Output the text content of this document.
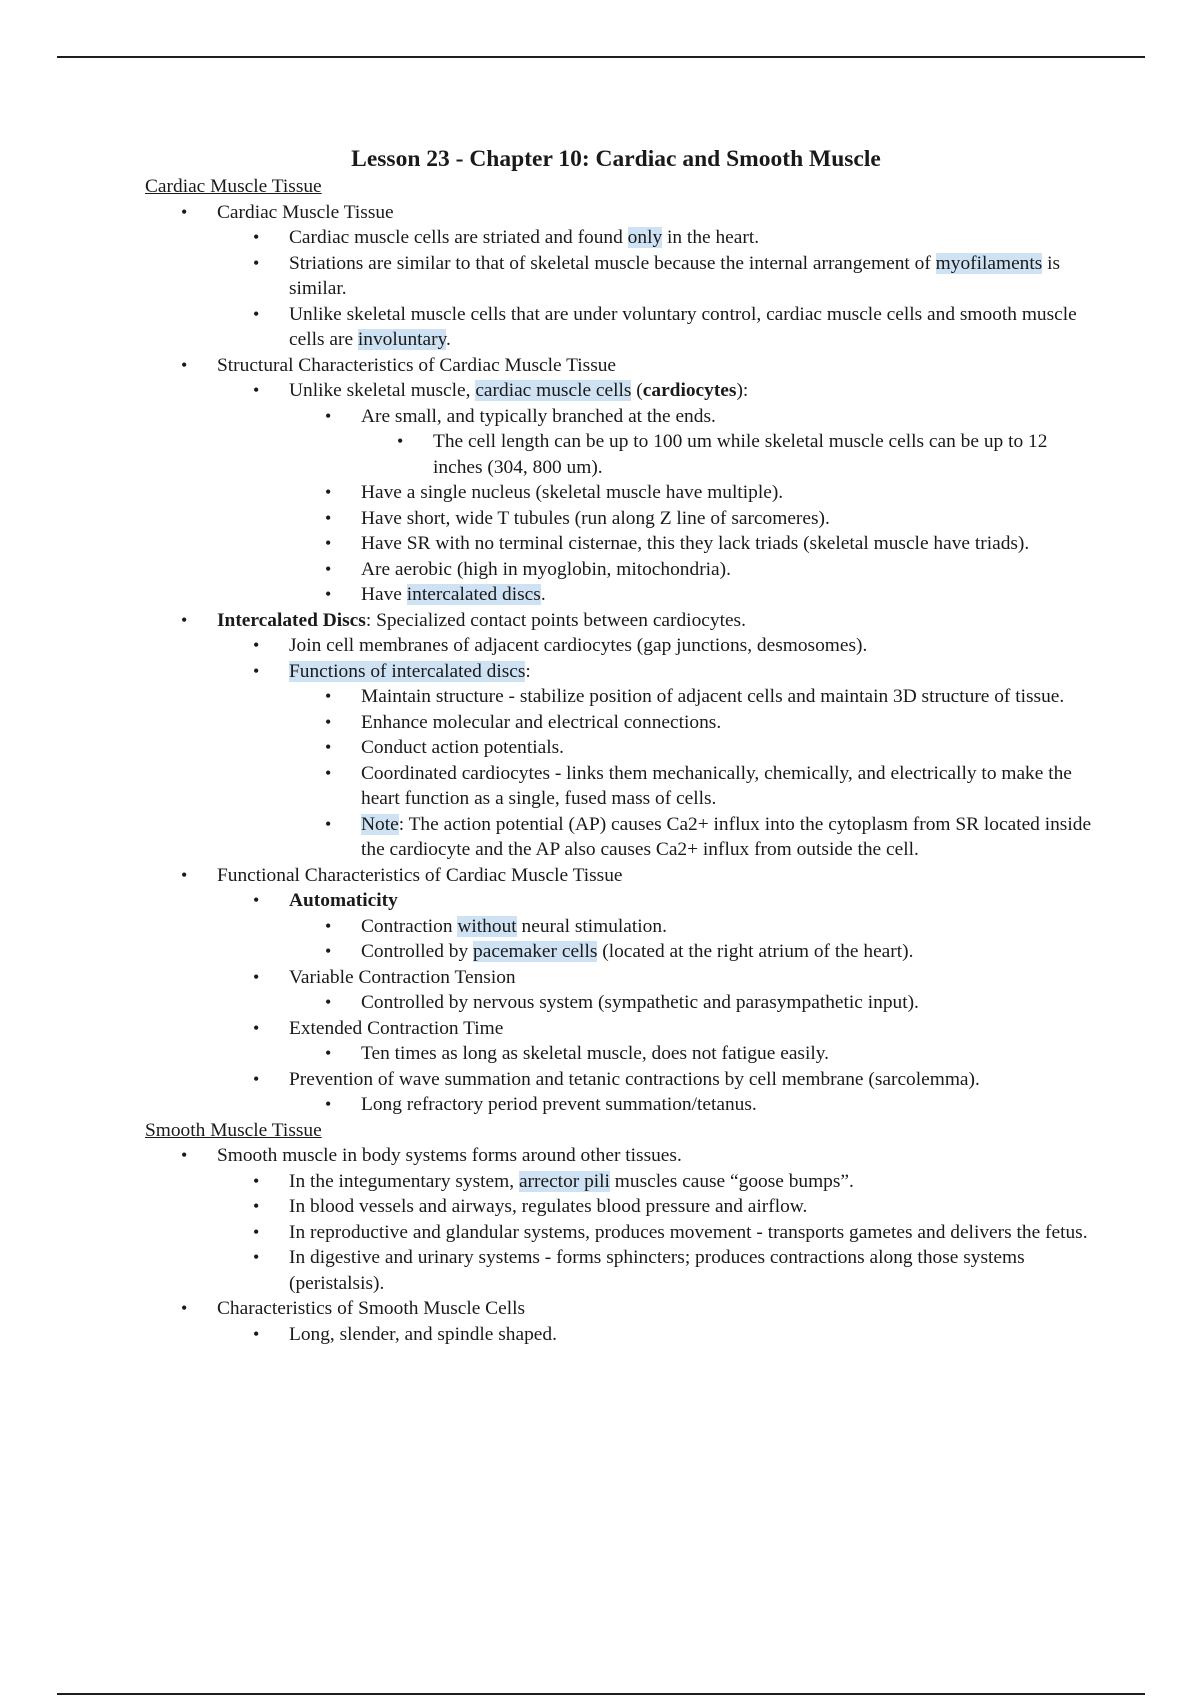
Lesson 23 - Chapter 10: Cardiac and Smooth Muscle
Cardiac Muscle Tissue
• Cardiac Muscle Tissue
• Cardiac muscle cells are striated and found only in the heart.
• Striations are similar to that of skeletal muscle because the internal arrangement of myofilaments is similar.
• Unlike skeletal muscle cells that are under voluntary control, cardiac muscle cells and smooth muscle cells are involuntary.
• Structural Characteristics of Cardiac Muscle Tissue
• Unlike skeletal muscle, cardiac muscle cells (cardiocytes):
• Are small, and typically branched at the ends.
• The cell length can be up to 100 um while skeletal muscle cells can be up to 12 inches (304, 800 um).
• Have a single nucleus (skeletal muscle have multiple).
• Have short, wide T tubules (run along Z line of sarcomeres).
• Have SR with no terminal cisternae, this they lack triads (skeletal muscle have triads).
• Are aerobic (high in myoglobin, mitochondria).
• Have intercalated discs.
• Intercalated Discs: Specialized contact points between cardiocytes.
• Join cell membranes of adjacent cardiocytes (gap junctions, desmosomes).
• Functions of intercalated discs:
• Maintain structure - stabilize position of adjacent cells and maintain 3D structure of tissue.
• Enhance molecular and electrical connections.
• Conduct action potentials.
• Coordinated cardiocytes - links them mechanically, chemically, and electrically to make the heart function as a single, fused mass of cells.
• Note: The action potential (AP) causes Ca2+ influx into the cytoplasm from SR located inside the cardiocyte and the AP also causes Ca2+ influx from outside the cell.
• Functional Characteristics of Cardiac Muscle Tissue
• Automaticity
• Contraction without neural stimulation.
• Controlled by pacemaker cells (located at the right atrium of the heart).
• Variable Contraction Tension
• Controlled by nervous system (sympathetic and parasympathetic input).
• Extended Contraction Time
• Ten times as long as skeletal muscle, does not fatigue easily.
• Prevention of wave summation and tetanic contractions by cell membrane (sarcolemma).
• Long refractory period prevent summation/tetanus.
Smooth Muscle Tissue
• Smooth muscle in body systems forms around other tissues.
• In the integumentary system, arrector pili muscles cause “goose bumps”.
• In blood vessels and airways, regulates blood pressure and airflow.
• In reproductive and glandular systems, produces movement - transports gametes and delivers the fetus.
• In digestive and urinary systems - forms sphincters; produces contractions along those systems (peristalsis).
• Characteristics of Smooth Muscle Cells
• Long, slender, and spindle shaped.
